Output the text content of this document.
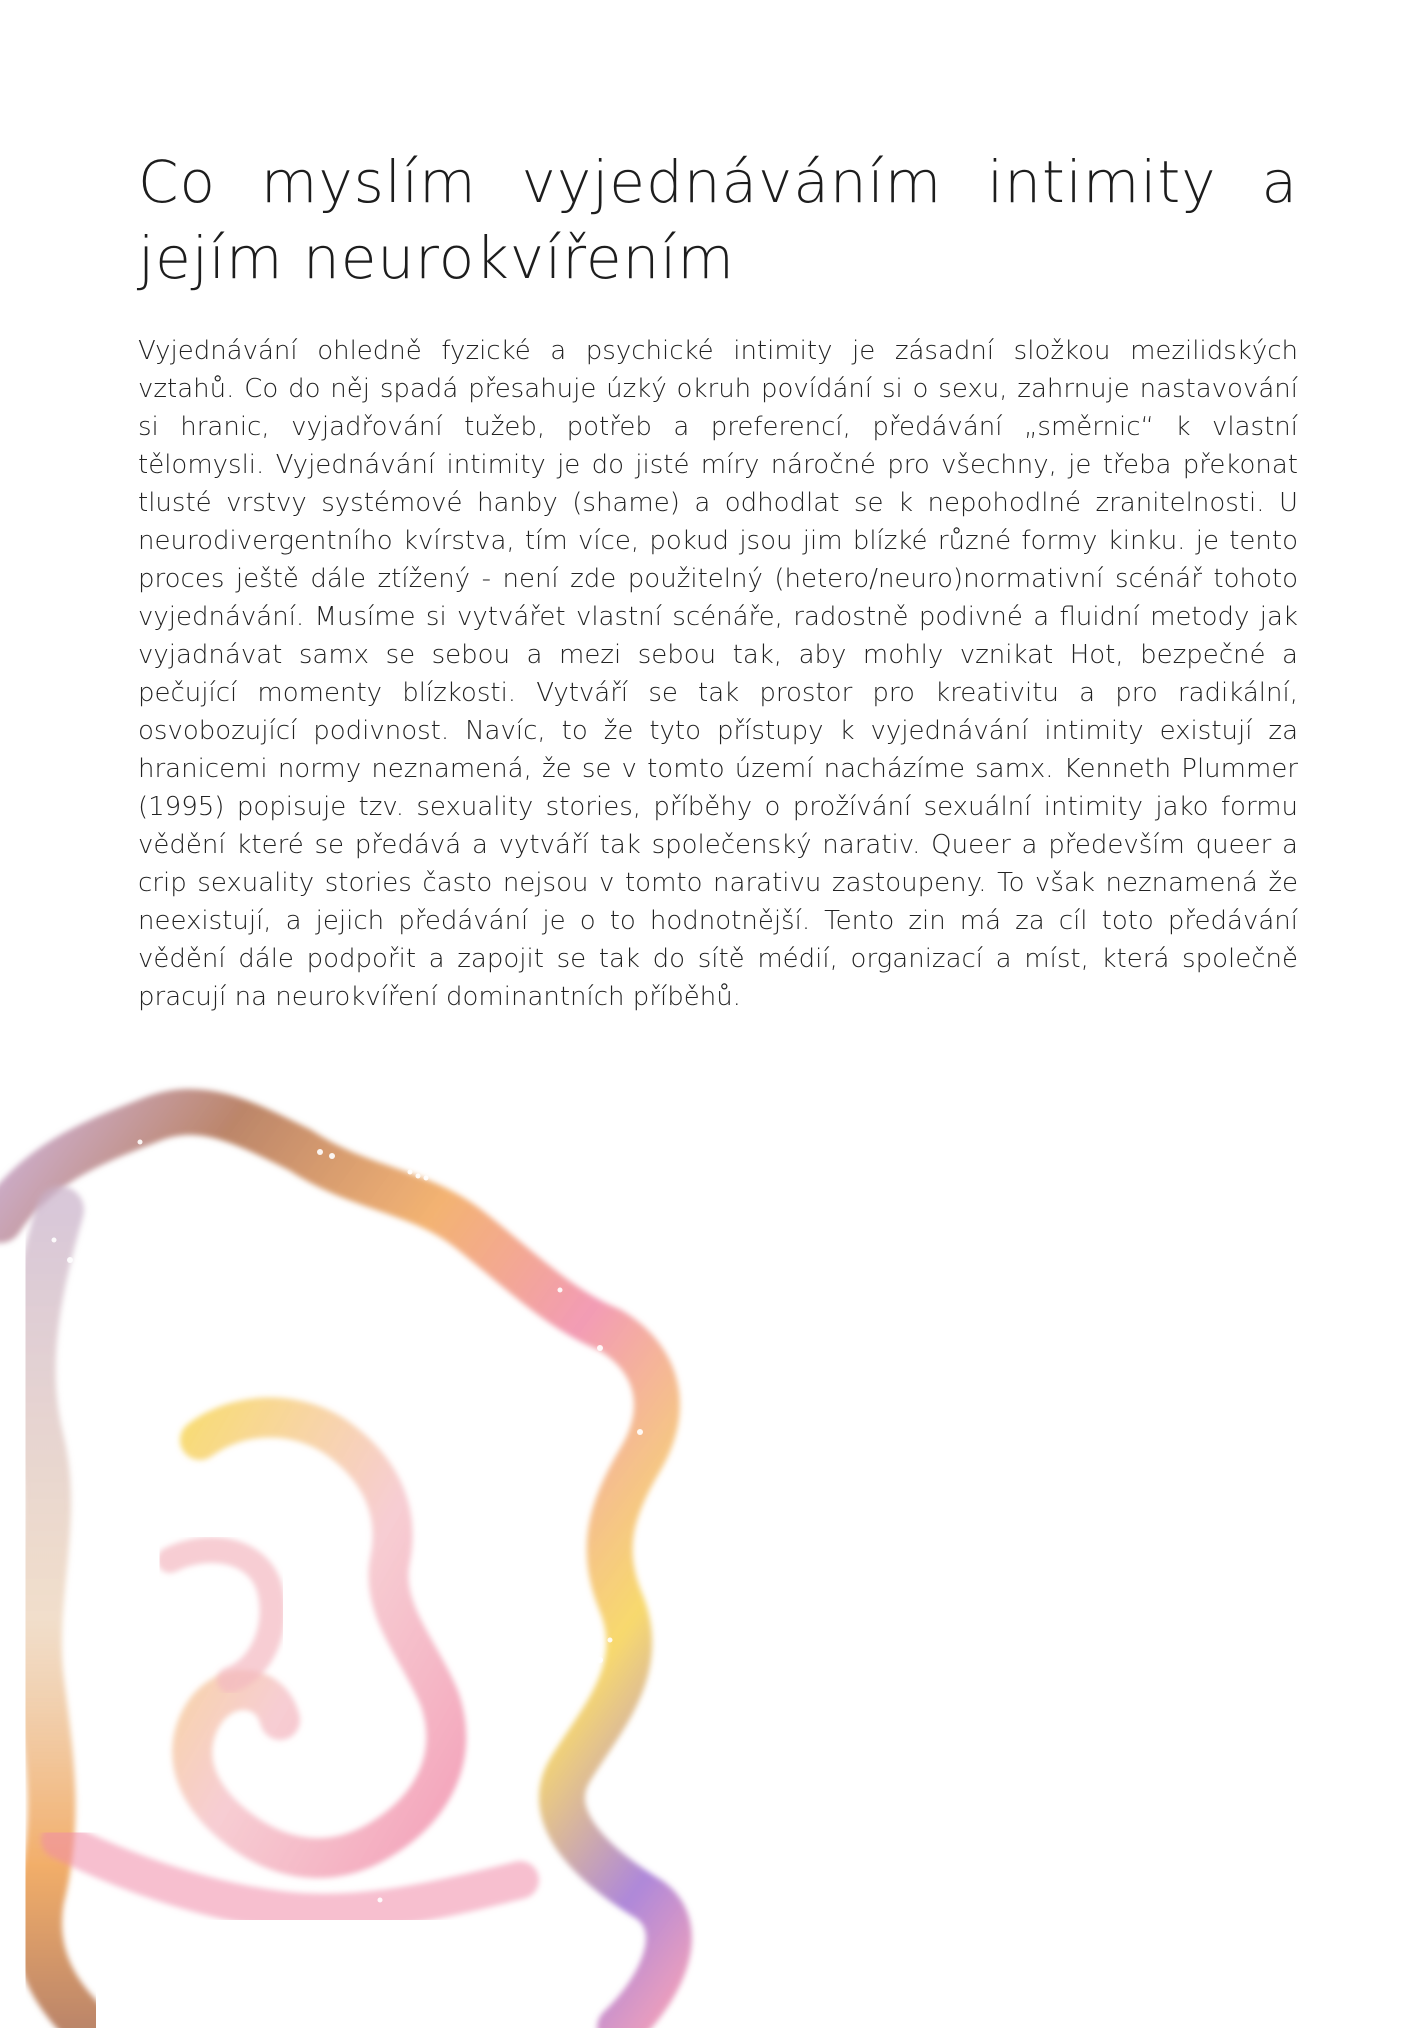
Co myslím vyjednáváním intimity a jejím neurokvířením

Vyjednávání ohledně fyzické a psychické intimity je zásadní složkou mezilidských vztahů. Co do něj spadá přesahuje úzký okruh povídání si o sexu, zahrnuje nastavování si hranic, vyjadřování tužeb, potřeb a preferencí, předávání „směrnic“ k vlastní tělomysli. Vyjednávání intimity je do jisté míry náročné pro všechny, je třeba překonat tlusté vrstvy systémové hanby (shame) a odhodlat se k nepohodlné zranitelnosti. U neurodivergentního kvírstva, tím více, pokud jsou jim blízké různé formy kinku. je tento proces ještě dále ztížený - není zde použitelný (hetero/neuro)normativní scénář tohoto vyjednávání. Musíme si vytvářet vlastní scénáře, radostně podivné a fluidní metody jak vyjadnávat samx se sebou a mezi sebou tak, aby mohly vznikat Hot, bezpečné a pečující momenty blízkosti. Vytváří se tak prostor pro kreativitu a pro radikální, osvobozující podivnost. Navíc, to že tyto přístupy k vyjednávání intimity existují za hranicemi normy neznamená, že se v tomto území nacházíme samx. Kenneth Plummer (1995) popisuje tzv. sexuality stories, příběhy o prožívání sexuální intimity jako formu vědění které se předává a vytváří tak společenský narativ. Queer a především queer a crip sexuality stories často nejsou v tomto narativu zastoupeny. To však neznamená že neexistují, a jejich předávání je o to hodnotnější. Tento zin má za cíl toto předávání vědění dále podpořit a zapojit se tak do sítě médií, organizací a míst, která společně pracují na neurokvíření dominantních příběhů.
